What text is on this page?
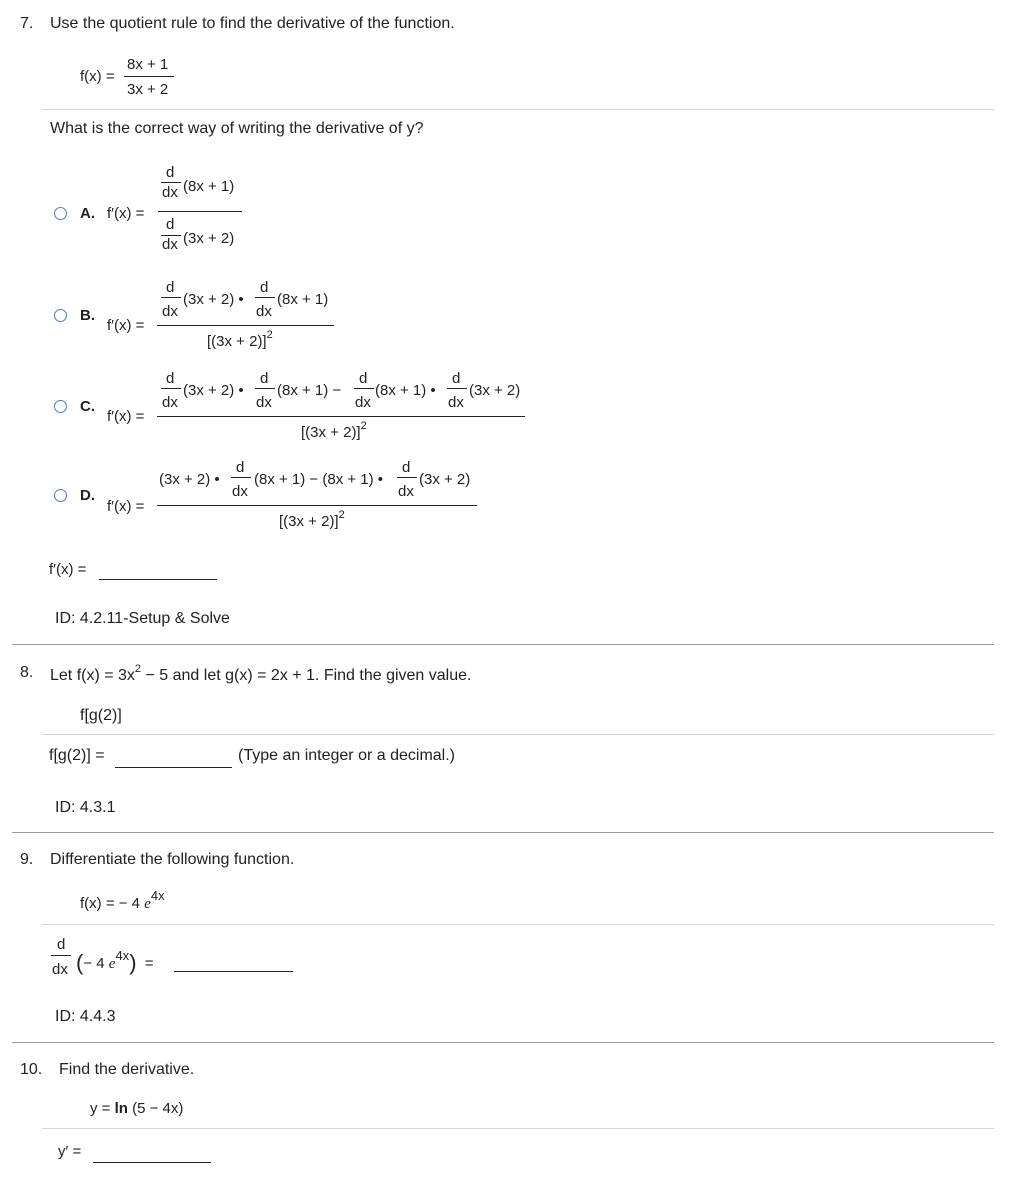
7. Use the quotient rule to find the derivative of the function.
f(x) =
8x + 1
3x + 2
What is the correct way of writing the derivative of y?
A. f′(x) =
d
dx (8x + 1)
d
dx (3x + 2)
B.
f′(x) =
d
dx
(3x + 2) •
d
dx
(8x + 1)
$[(3x + 2)]^2$
C.
f′(x) =
d
dx
(3x + 2) •
d
dx
(8x + 1) −
d
dx
(8x + 1) •
d
dx
(3x + 2)
$[(3x + 2)]^2$
D.
f′(x) =
(3x + 2) •
d
dx
(8x + 1) − (8x + 1) •
d
dx
(3x + 2)
$[(3x + 2)]^2$
f′(x) =
ID: 4.2.11-Setup & Solve
8. Let $f(x) = 3x^2 - 5$ and let g(x) = 2x + 1. Find the given value.
f[g(2)]
f[g(2)] =	(Type an integer or a decimal.)
ID: 4.3.1
9. Differentiate the following function.
f(x) = − 4 e4x
d
dx (− 4 e4x) =
ID: 4.4.3
10. Find the derivative.
y = ln (5 − 4x)
y′ =
